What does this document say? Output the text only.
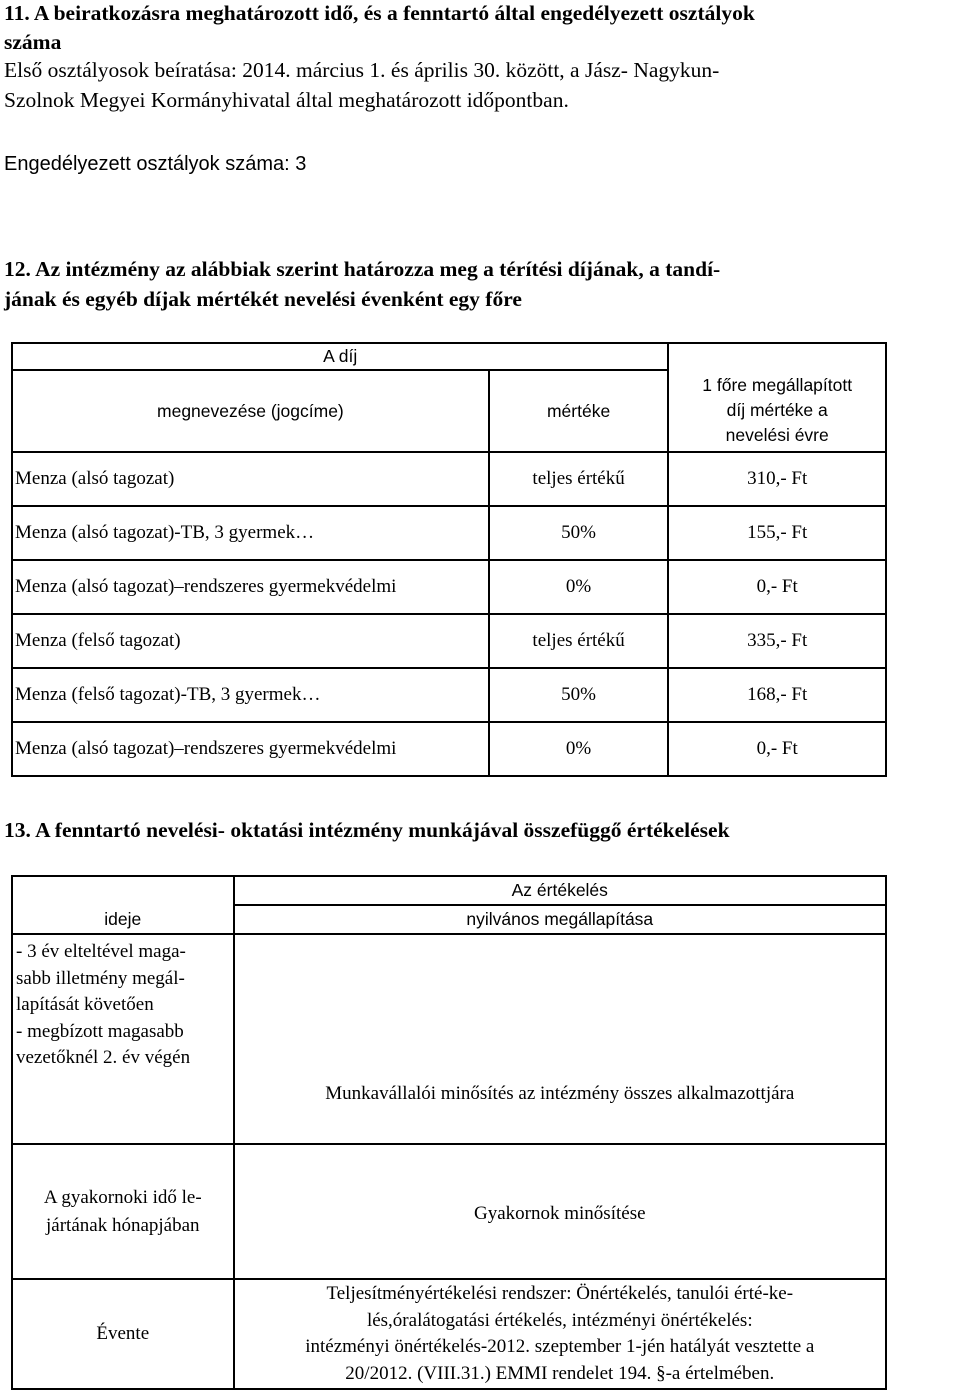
11. A beiratkozásra meghatározott idő, és a fenntartó által engedélyezett osztályok
száma
Első osztályosok beíratása: 2014. március 1. és április 30. között, a Jász- Nagykun-
Szolnok Megyei Kormányhivatal által meghatározott időpontban.
Engedélyezett osztályok száma: 3
12. Az intézmény az alábbiak szerint határozza meg a térítési díjának, a tandí-
jának és egyéb díjak mértékét nevelési évenként egy főre
A díj		
megnevezése (jogcíme)	mértéke	1 főre megállapított
díj mértéke a
nevelési évre

Menza (alsó tagozat)	teljes értékű	310,- Ft
Menza (alsó tagozat)-TB, 3 gyermek…	50%	155,- Ft
Menza (alsó tagozat)–rendszeres gyermekvédelmi	0%	0,- Ft
Menza (felső tagozat)	teljes értékű	335,- Ft
Menza (felső tagozat)-TB, 3 gyermek…	50%	168,- Ft
Menza (alsó tagozat)–rendszeres gyermekvédelmi	0%	0,- Ft
13. A fenntartó nevelési- oktatási intézmény munkájával összefüggő értékelések
ideje	Az értékelés
nyilvános megállapítása

- 3 év elteltével maga-
sabb illetmény megál-
lapítását követően
- megbízott magasabb
vezetőknél 2. év végén	Munkavállalói minősítés az intézmény összes alkalmazottjára

A gyakornoki idő le-
jártának hónapjában	Gyakornok minősítése
Évente	Teljesítményértékelési rendszer: Önértékelés, tanulói érté-ke-
lés,óralátogatási értékelés, intézményi önértékelés:
intézményi önértékelés-2012. szeptember 1-jén hatályát vesztette a
20/2012. (VIII.31.) EMMI rendelet 194. §-a értelmében.
